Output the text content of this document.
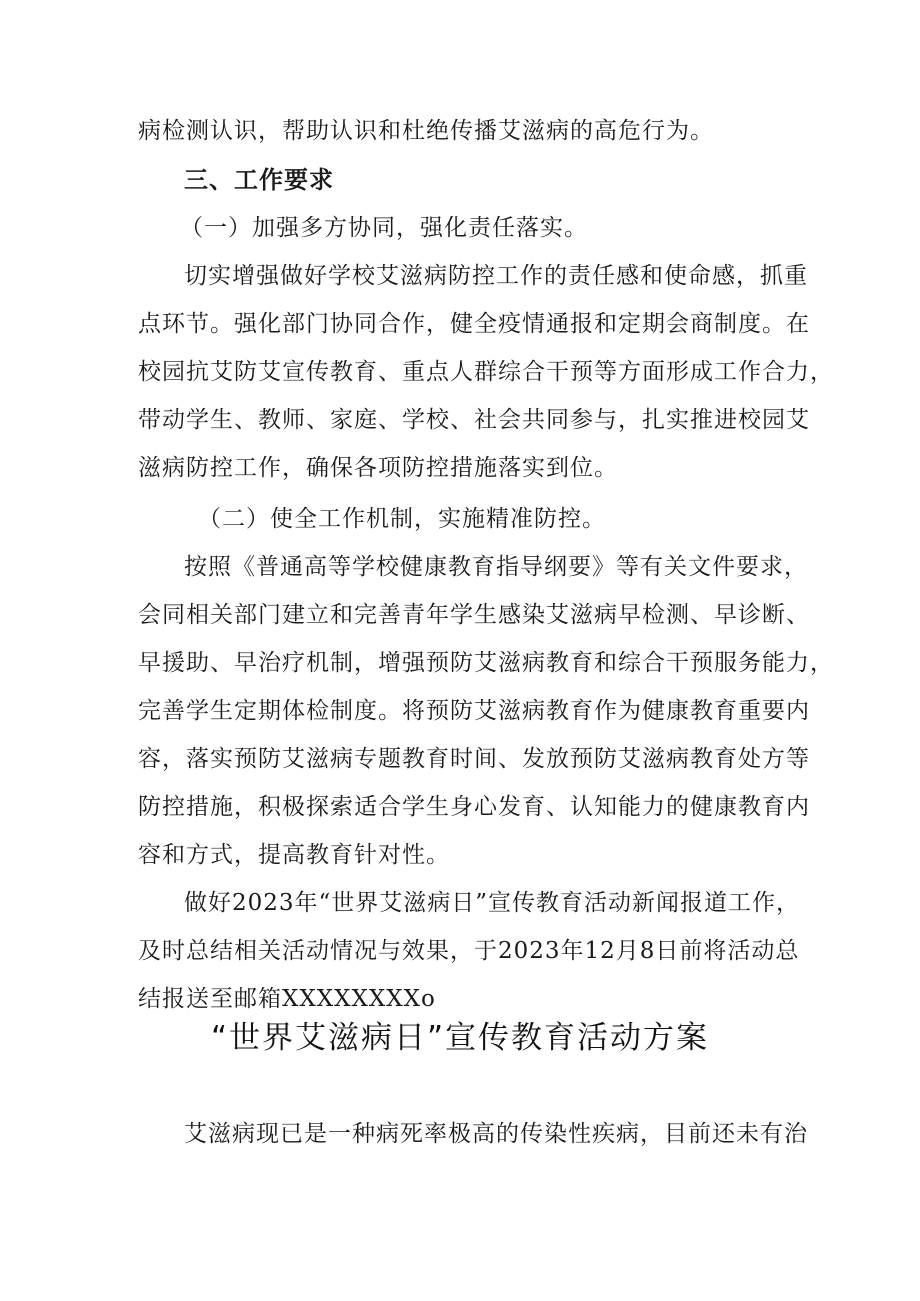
病检测认识，帮助认识和杜绝传播艾滋病的高危行为。
三、工作要求
（一）加强多方协同，强化责任落实。
切实增强做好学校艾滋病防控工作的责任感和使命感，抓重
点环节。强化部门协同合作，健全疫情通报和定期会商制度。在
校园抗艾防艾宣传教育、重点人群综合干预等方面形成工作合力，
带动学生、教师、家庭、学校、社会共同参与，扎实推进校园艾
滋病防控工作，确保各项防控措施落实到位。
（二）使全工作机制，实施精准防控。
按照《普通高等学校健康教育指导纲要》等有关文件要求，
会同相关部门建立和完善青年学生感染艾滋病早检测、早诊断、
早援助、早治疗机制，增强预防艾滋病教育和综合干预服务能力，
完善学生定期体检制度。将预防艾滋病教育作为健康教育重要内
容，落实预防艾滋病专题教育时间、发放预防艾滋病教育处方等
防控措施，积极探索适合学生身心发育、认知能力的健康教育内
容和方式，提高教育针对性。
做好2023年“世界艾滋病日”宣传教育活动新闻报道工作，
及时总结相关活动情况与效果，于2023年12月8日前将活动总
结报送至邮箱XXXXXXXXo
“世界艾滋病日”宣传教育活动方案
艾滋病现已是一种病死率极高的传染性疾病，目前还未有治
